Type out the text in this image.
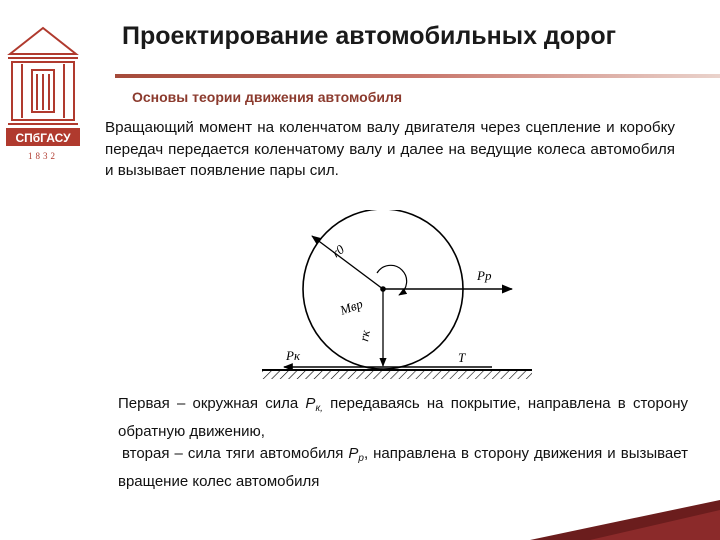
СПбГАСУ
1832
Проектирование автомобильных дорог
Основы теории движения автомобиля
Вращающий момент на коленчатом валу двигателя через сцепление и коробку передач передается коленчатому валу и далее на ведущие колеса автомобиля и вызывает появление пары сил.
r0
Pр
Mвр
rк
Pк	T

Первая – окружная сила $Р_{к,}$ передаваясь на покрытие, направлена в сторону обратную движению,

вторая – сила тяги автомобиля $Р_р$, направлена в сторону движения и вызывает вращение колес автомобиля
